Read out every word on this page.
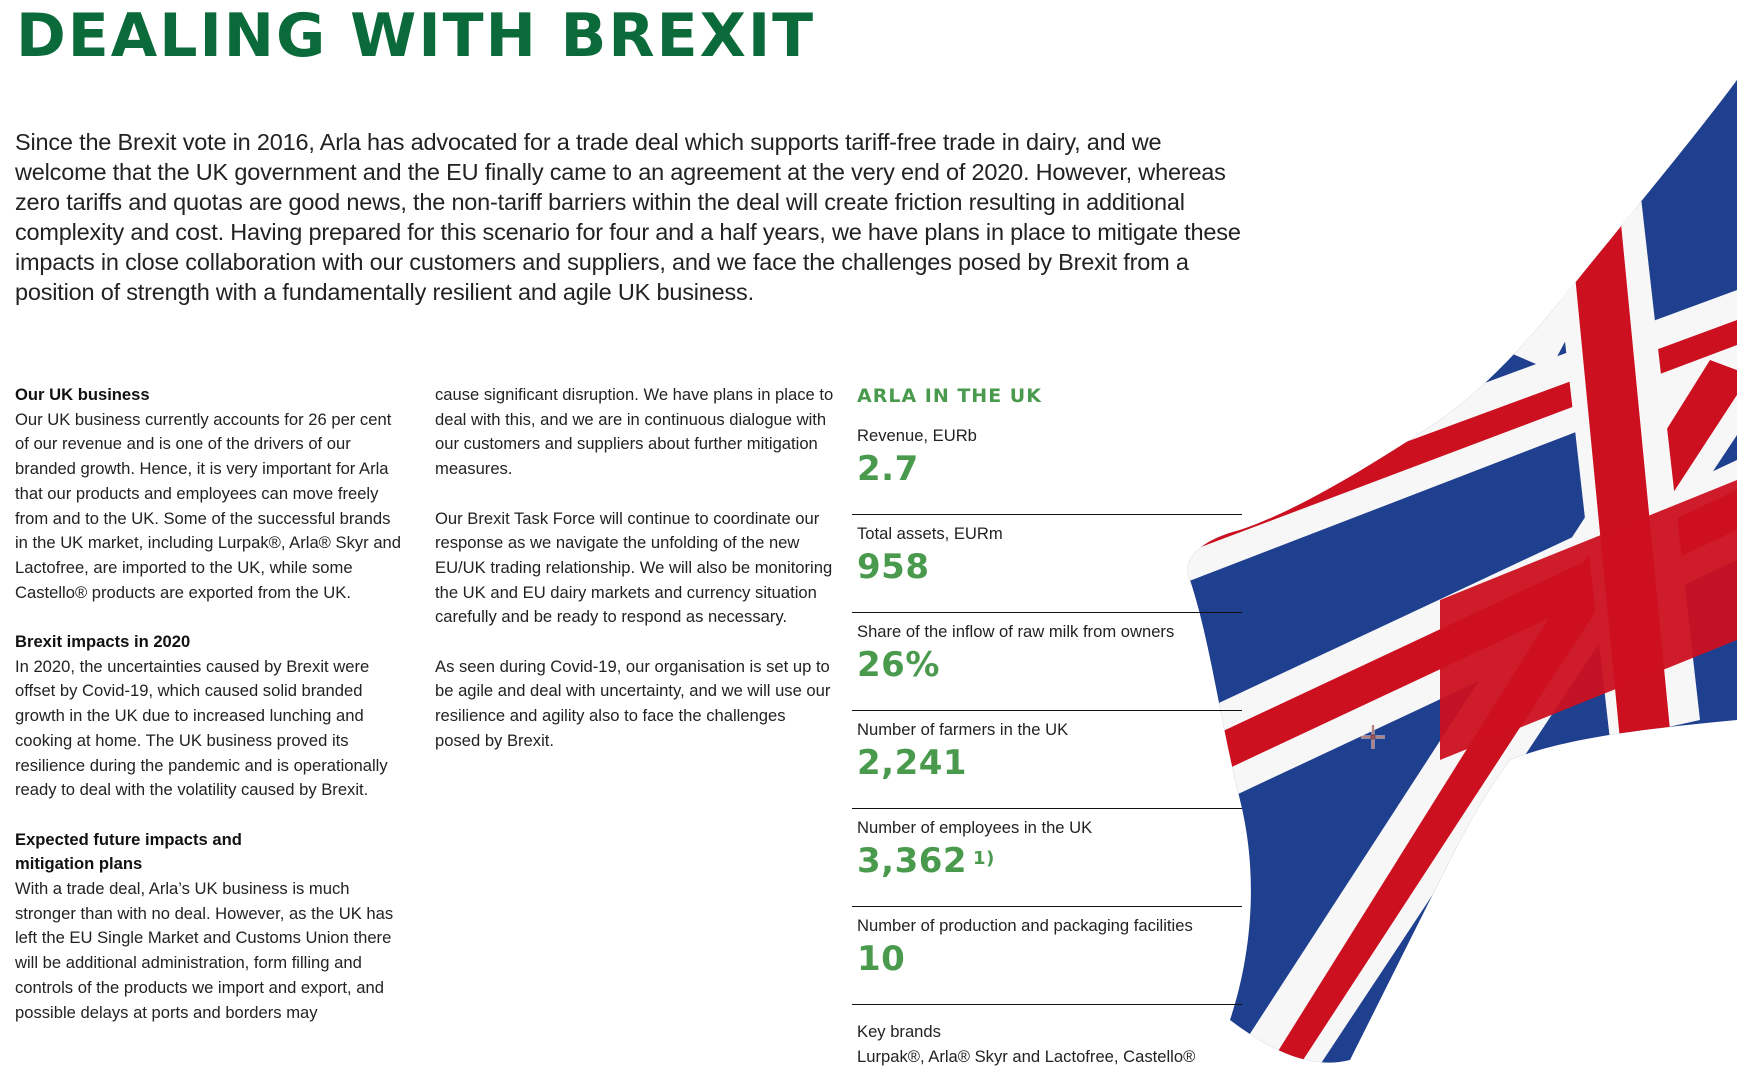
DEALING WITH BREXIT

Since the Brexit vote in 2016, Arla has advocated for a trade deal which supports tariff-free trade in dairy, and we welcome that the UK government and the EU finally came to an agreement at the very end of 2020. However, whereas zero tariffs and quotas are good news, the non-tariff barriers within the deal will create friction resulting in additional complexity and cost. Having prepared for this scenario for four and a half years, we have plans in place to mitigate these impacts in close collaboration with our customers and suppliers, and we face the challenges posed by Brexit from a position of strength with a fundamentally resilient and agile UK business.

Our UK business

Our UK business currently accounts for 26 per cent of our revenue and is one of the drivers of our branded growth. Hence, it is very important for Arla that our products and employees can move freely from and to the UK. Some of the successful brands in the UK market, including Lurpak®, Arla® Skyr and Lactofree, are imported to the UK, while some Castello® products are exported from the UK.

Brexit impacts in 2020

In 2020, the uncertainties caused by Brexit were offset by Covid-19, which caused solid branded growth in the UK due to increased lunching and cooking at home. The UK business proved its resilience during the pandemic and is operationally ready to deal with the volatility caused by Brexit.

Expected future impacts and mitigation plans

With a trade deal, Arla’s UK business is much stronger than with no deal. However, as the UK has left the EU Single Market and Customs Union there will be additional administration, form filling and controls of the products we import and export, and possible delays at ports and borders may

cause significant disruption. We have plans in place to deal with this, and we are in continuous dialogue with our customers and suppliers about further mitigation measures.

Our Brexit Task Force will continue to coordinate our response as we navigate the unfolding of the new EU/UK trading relationship. We will also be monitoring the UK and EU dairy markets and currency situation carefully and be ready to respond as necessary.

As seen during Covid-19, our organisation is set up to be agile and deal with uncertainty, and we will use our resilience and agility also to face the challenges posed by Brexit.

ARLA IN THE UK
Revenue, EURb
2.7
Total assets, EURm
958
Share of the inflow of raw milk from owners
26%
Number of farmers in the UK
2,241
Number of employees in the UK
3,362 $^{1)}$
Number of production and packaging facilities
10
Key brands
Lurpak®, Arla® Skyr and Lactofree, Castello®
